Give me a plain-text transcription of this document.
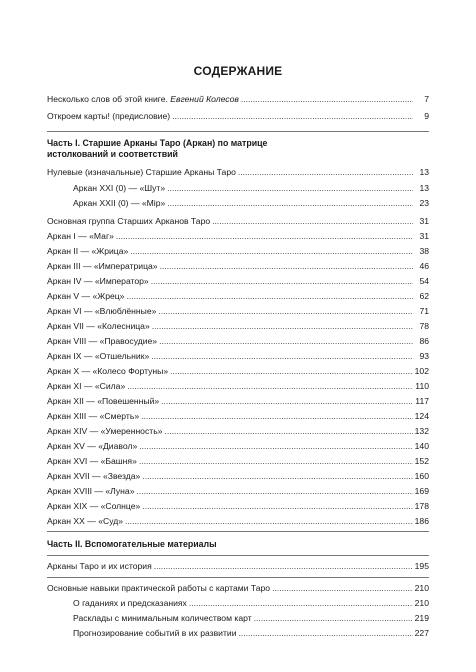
СОДЕРЖАНИЕ
Несколько слов об этой книге. Евгений Колесов . . .	7
Откроем карты! (предисловие) . . .	9
Часть I. Старшие Арканы Таро (Аркан) по матрице
истолкований и соответствий
Нулевые (изначальные) Старшие Арканы Таро . . .	13
Аркан XXI (0) — «Шут» . . .	13
Аркан XXII (0) — «Мiр» . . .	23
Основная группа Старших Арканов Таро . . .	31
Аркан I — «Маг» . . .	31
Аркан II — «Жрица» . . .	38
Аркан III — «Императрица» . . .	46
Аркан IV — «Император» . . .	54
Аркан V — «Жрец» . . .	62
Аркан VI — «Влюблённые» . . .	71
Аркан VII — «Колесница» . . .	78
Аркан VIII — «Правосудие» . . .	86
Аркан IX — «Отшельник» . . .	93
Аркан X — «Колесо Фортуны» . . .	102
Аркан XI — «Сила» . . .	110
Аркан XII — «Повешенный» . . .	117
Аркан XIII — «Смерть» . . .	124
Аркан XIV — «Умеренность» . . .	132
Аркан XV — «Диавол» . . .	140
Аркан XVI — «Башня» . . .	152
Аркан XVII — «Звезда» . . .	160
Аркан XVIII — «Луна» . . .	169
Аркан XIX — «Солнце» . . .	178
Аркан XX — «Суд» . . .	186
Часть II. Вспомогательные материалы
Арканы Таро и их история . . .	195
Основные навыки практической работы с картами Таро . . .	210
О гаданиях и предсказаниях . . .	210
Расклады с минимальным количеством карт . . .	219
Прогнозирование событий в их развитии . . .	227
